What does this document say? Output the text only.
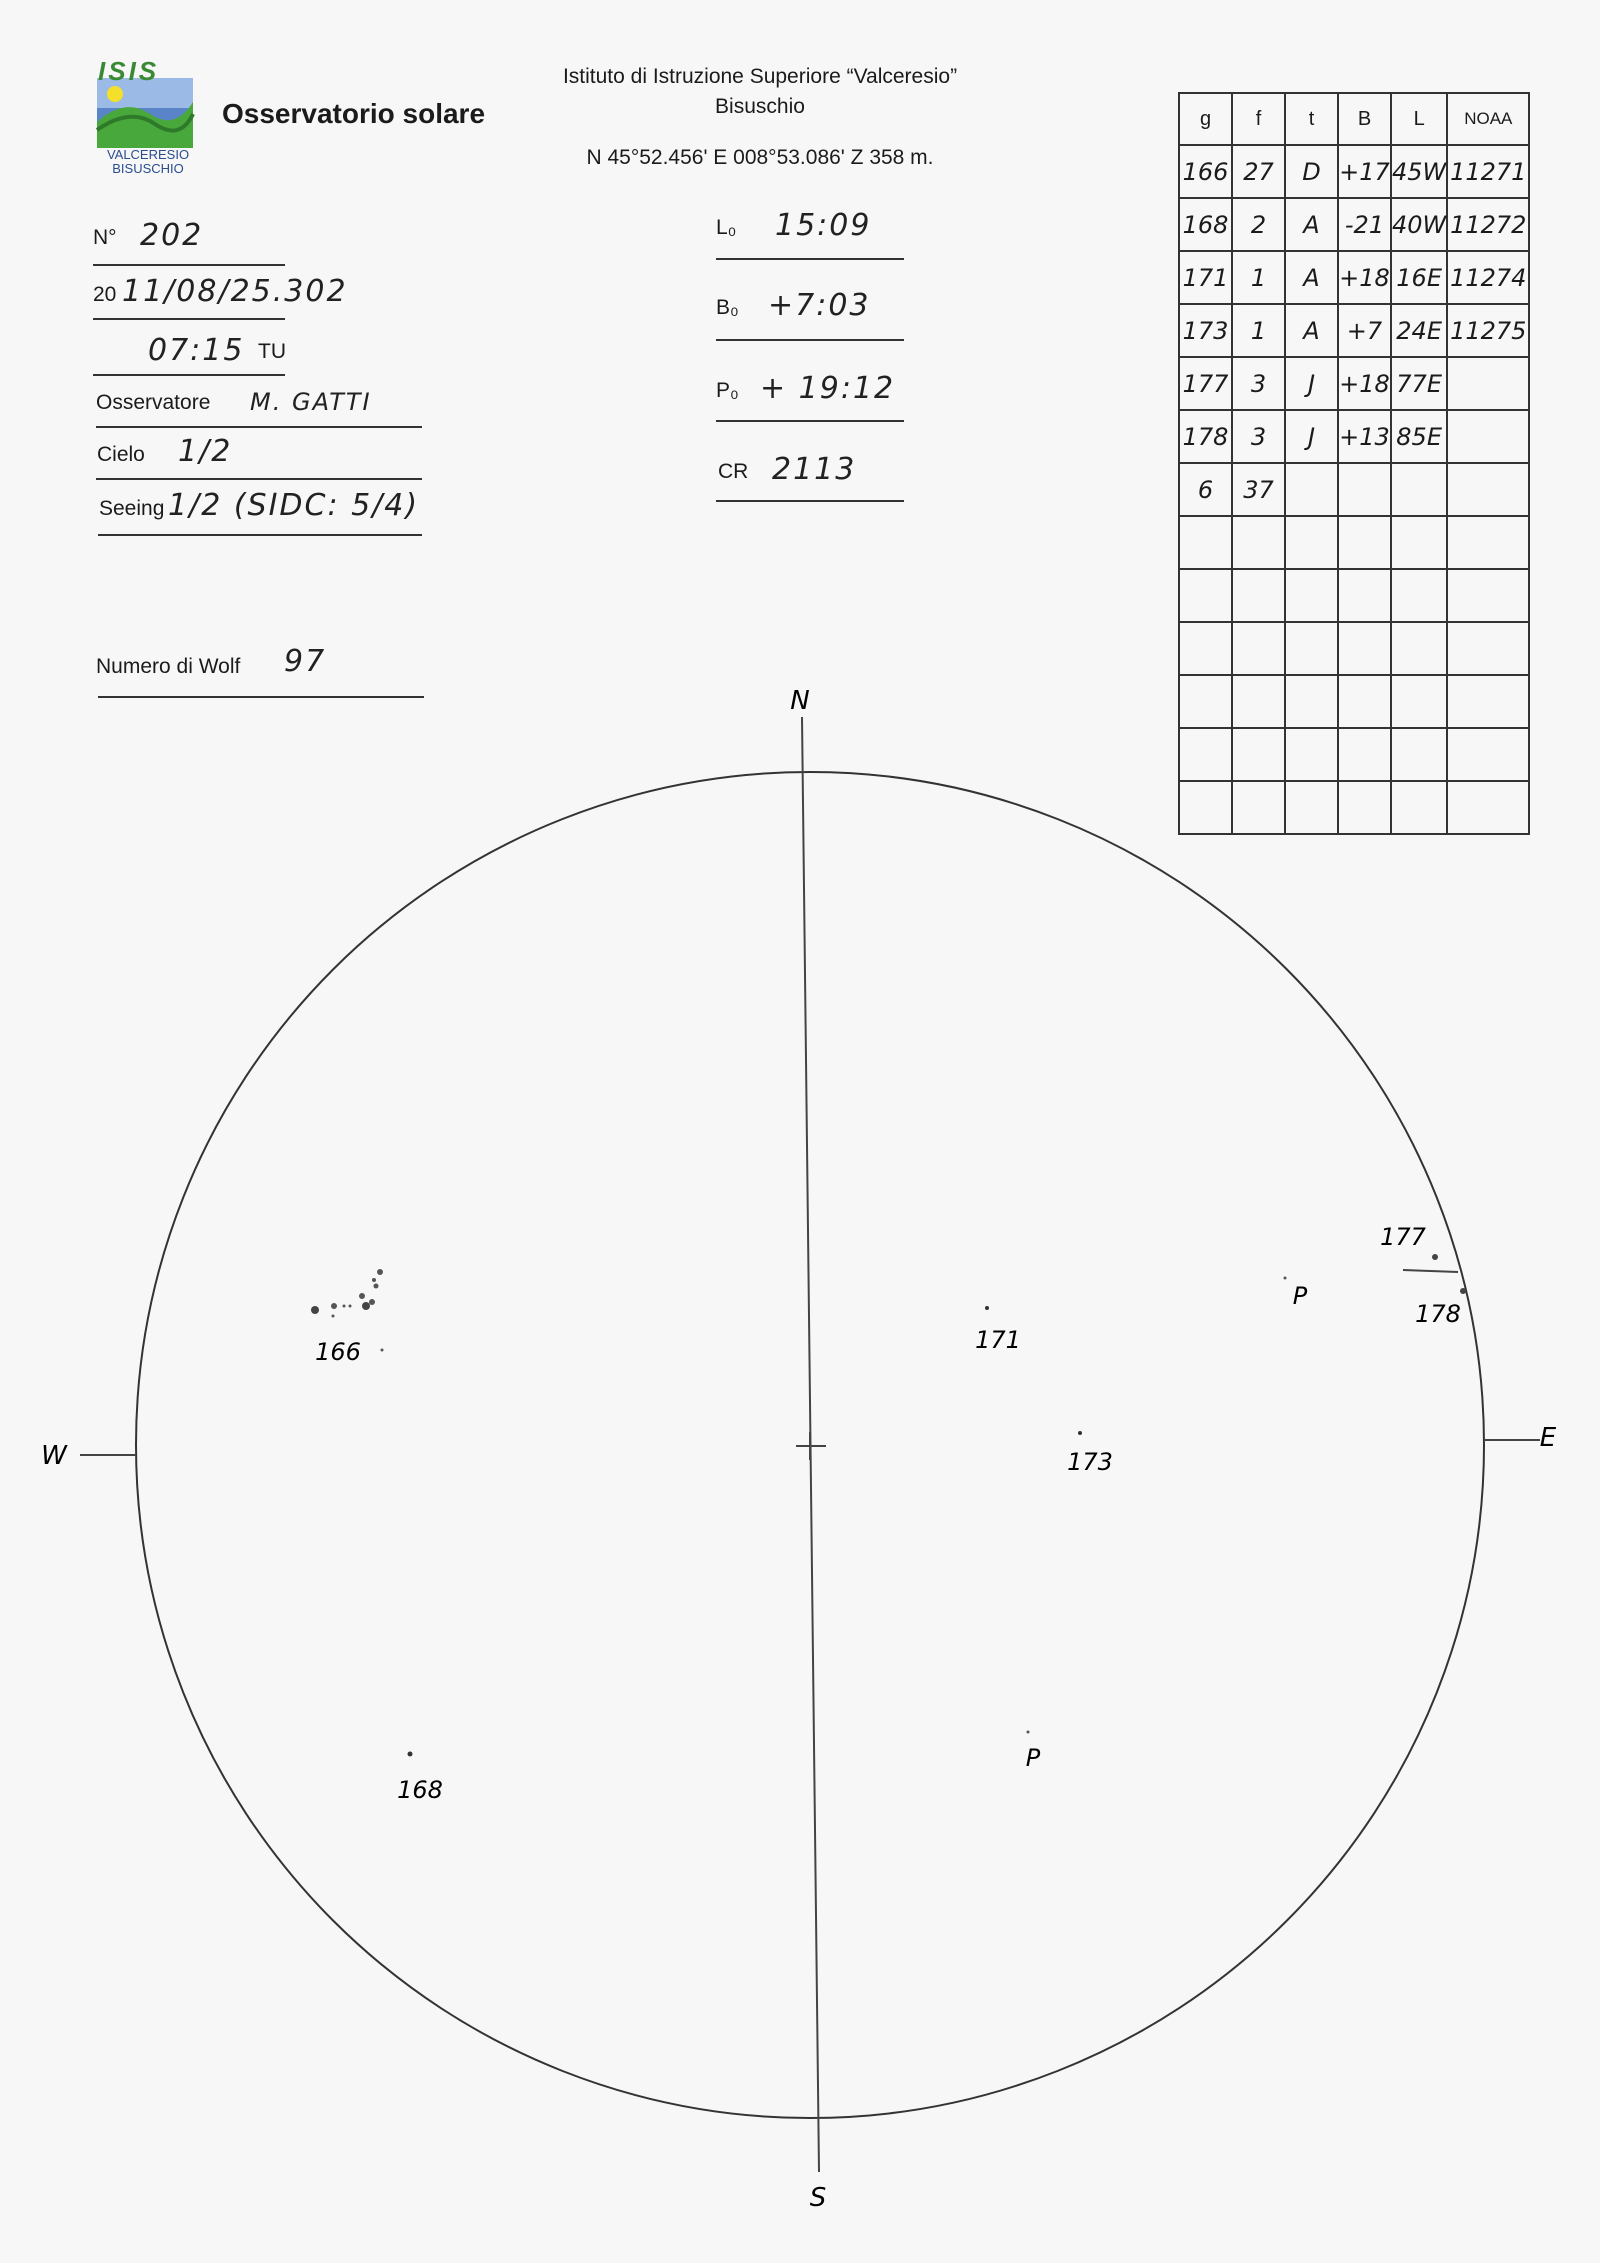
ISIS
VALCERESIO
BISUSCHIO
Osservatorio solare
Istituto di Istruzione Superiore “Valceresio”
Bisuschio
N 45°52.456' E 008°53.086' Z 358 m.
N° 202
20 11/08/25.302
07:15 TU
Osservatore M. GATTI
Cielo 1/2
Seeing 1/2 (SIDC: 5/4)
Numero di Wolf 97
L₀ 15:09
B₀ +7:03
P₀ + 19:12
CR 2113
g	f	t	B	L	NOAA
166	27	D	+17	45W	11271
168	2	A	-21	40W	11272
171	1	A	+18	16E	11274
173	1	A	+7	24E	11275
177	3	J	+18	77E	
178	3	J	+13	85E	
6	37				

N
S
W
E
166
168
171
173
177
178
P
P
